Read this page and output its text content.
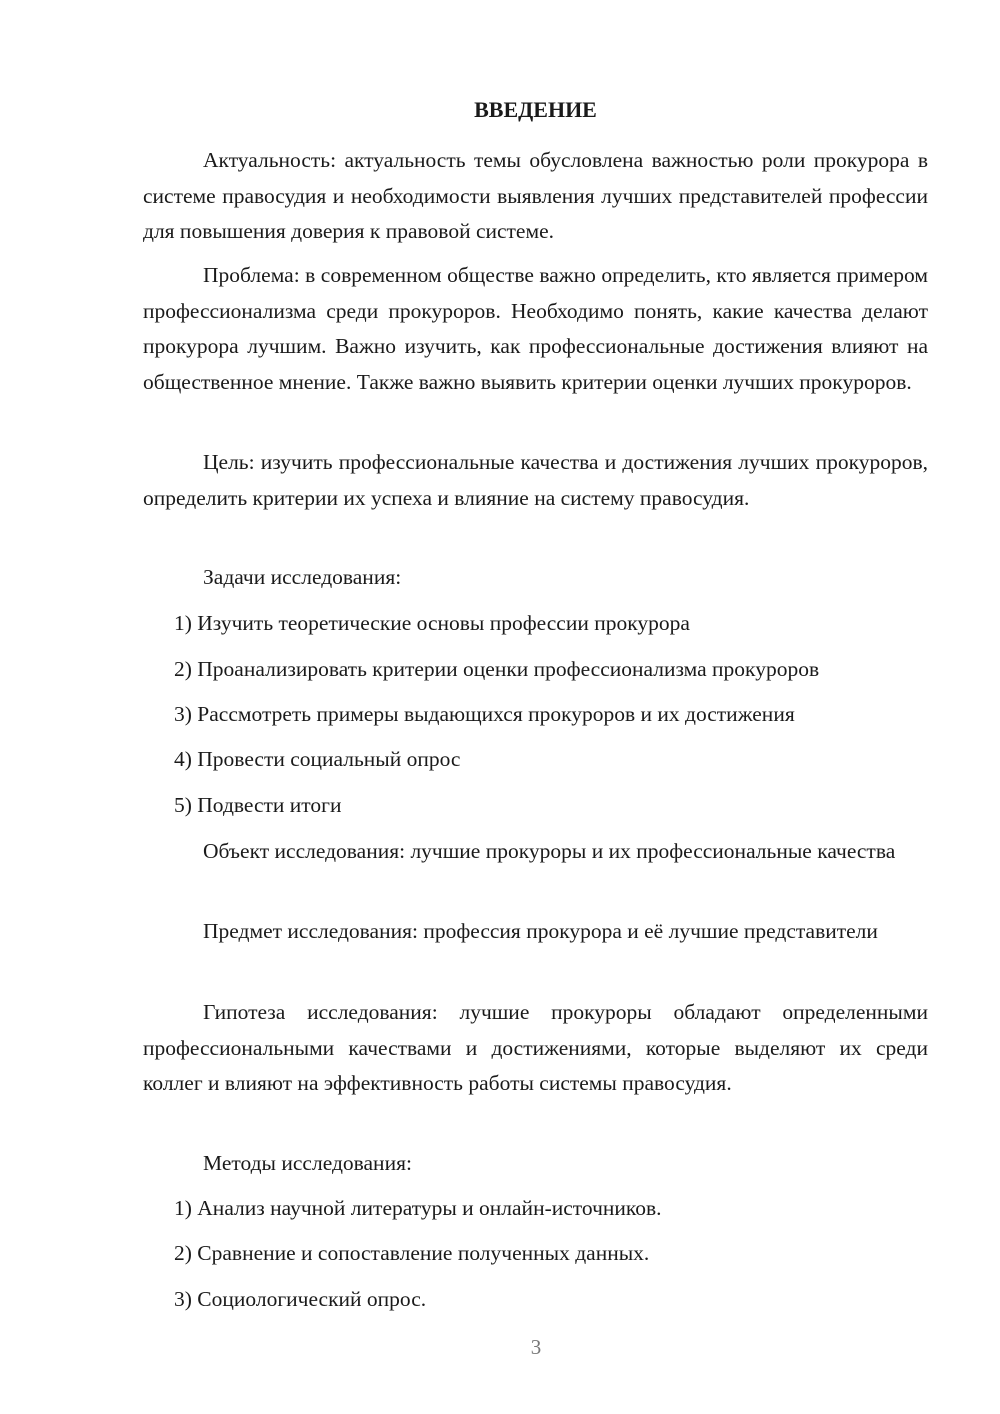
ВВЕДЕНИЕ

Актуальность: актуальность темы обусловлена важностью роли прокурора в системе правосудия и необходимости выявления лучших представителей профессии для повышения доверия к правовой системе.

Проблема: в современном обществе важно определить, кто является примером профессионализма среди прокуроров. Необходимо понять, какие качества делают прокурора лучшим. Важно изучить, как профессиональные достижения влияют на общественное мнение. Также важно выявить критерии оценки лучших прокуроров.

Цель: изучить профессиональные качества и достижения лучших прокуроров, определить критерии их успеха и влияние на систему правосудия.

Задачи исследования:

1) Изучить теоретические основы профессии прокурора

2) Проанализировать критерии оценки профессионализма прокуроров

3) Рассмотреть примеры выдающихся прокуроров и их достижения

4) Провести социальный опрос

5) Подвести итоги

Объект исследования: лучшие прокуроры и их профессиональные качества

Предмет исследования: профессия прокурора и её лучшие представители

Гипотеза исследования: лучшие прокуроры обладают определенными профессиональными качествами и достижениями, которые выделяют их среди коллег и влияют на эффективность работы системы правосудия.

Методы исследования:

1) Анализ научной литературы и онлайн-источников.

2) Сравнение и сопоставление полученных данных.

3) Социологический опрос.

3
